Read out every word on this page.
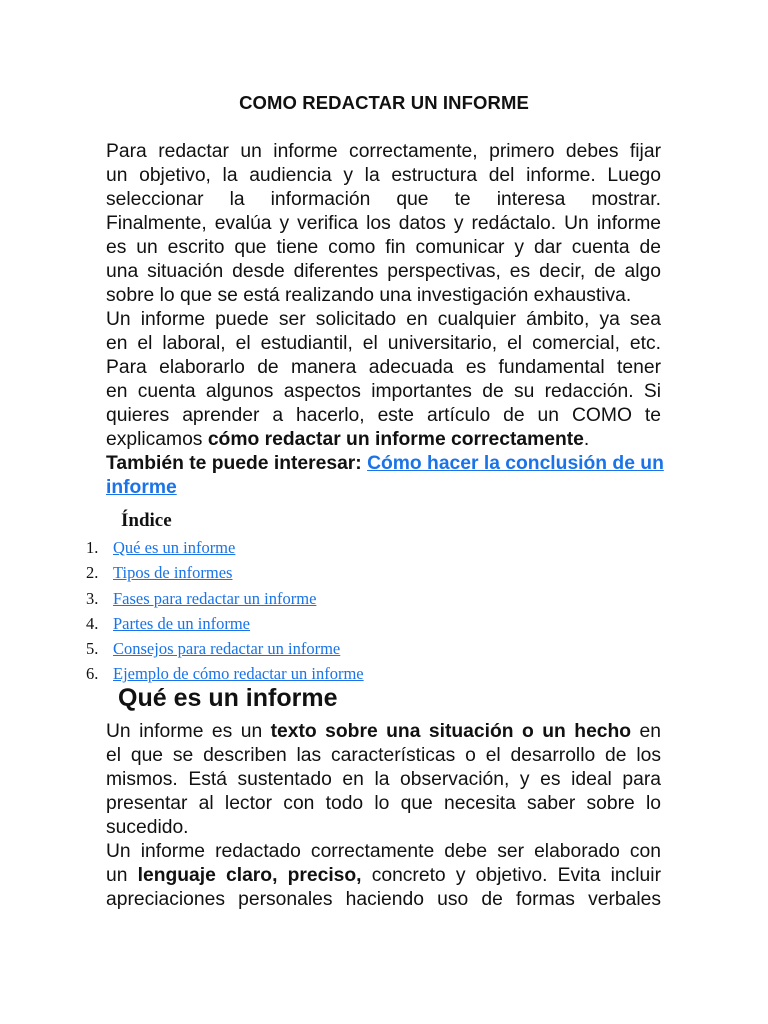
COMO REDACTAR UN INFORME
Para redactar un informe correctamente, primero debes fijar
un objetivo, la audiencia y la estructura del informe. Luego
seleccionar la información que te interesa mostrar.
Finalmente, evalúa y verifica los datos y redáctalo. Un informe
es un escrito que tiene como fin comunicar y dar cuenta de
una situación desde diferentes perspectivas, es decir, de algo
sobre lo que se está realizando una investigación exhaustiva.
Un informe puede ser solicitado en cualquier ámbito, ya sea
en el laboral, el estudiantil, el universitario, el comercial, etc.
Para elaborarlo de manera adecuada es fundamental tener
en cuenta algunos aspectos importantes de su redacción. Si
quieres aprender a hacerlo, este artículo de un COMO te
explicamos cómo redactar un informe correctamente.
También te puede interesar: Cómo hacer la conclusión de un informe
Índice
1. Qué es un informe
2. Tipos de informes
3. Fases para redactar un informe
4. Partes de un informe
5. Consejos para redactar un informe
6. Ejemplo de cómo redactar un informe
Qué es un informe
Un informe es un texto sobre una situación o un hecho en
el que se describen las características o el desarrollo de los
mismos. Está sustentado en la observación, y es ideal para
presentar al lector con todo lo que necesita saber sobre lo
sucedido.
Un informe redactado correctamente debe ser elaborado con
un lenguaje claro, preciso, concreto y objetivo. Evita incluir
apreciaciones personales haciendo uso de formas verbales
